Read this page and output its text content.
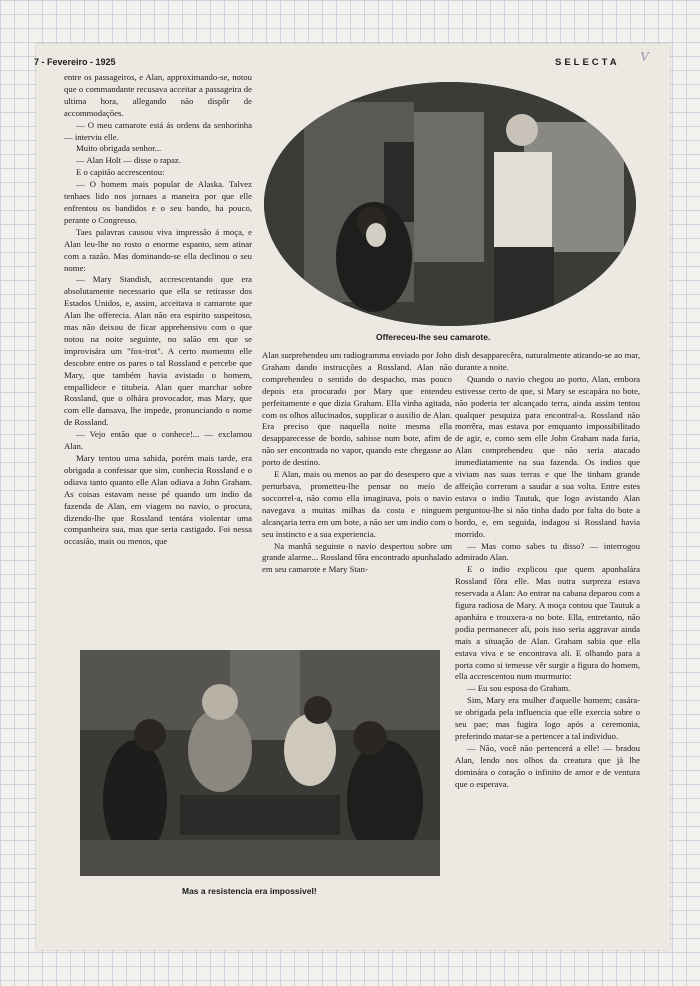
7 - Fevereiro - 1925	SELECTA V

entre os passageiros, e Alan, approximando-se, notou que o commandante recusava acceitar a passageira de ultima hora, allegando não dispôr de accommodações.

— O meu camarote está ás ordens da senhorinha — interviu elle.

Muito obrigada senhor...

— Alan Holt — disse o rapaz.

E o capitão accrescentou:

— O homem mais popular de Alaska. Talvez tenhaes lido nos jornaes a maneira por que elle enfrentou os bandidos e o seu bando, ha pouco, perante o Congresso.

Taes palavras causou viva impressão á moça, e Alan leu-lhe no rosto o enorme espanto, sem atinar com a razão. Mas dominando-se ella declinou o seu nome:

— Mary Standish, accrescentando que era absolutamente necessario que ella se retirasse dos Estados Unidos, e, assim, acceitava o camarote que Alan lhe offerecia. Alan não era espirito suspeitoso, mas não deixou de ficar apprehensivo com o que notou na noite seguinte, no salão em que se improvisára um "fox-trot". A certo momento elle descobre entre os pares o tal Rossland e percebe que Mary, que também havia avistado o homem, empallidece e titubeia. Alan quer marchar sobre Rossland, que o olhára provocador, mas Mary, que com elle dansava, lhe impede, pronunciando o nome de Rossland.

— Vejo então que o conhece!... — exclamou Alan.

Mary tentou uma sahida, porém mais tarde, era obrigada a confessar que sim, conhecia Rossland e o odiava tanto quanto elle Alan odiava a John Graham. As coisas estavam nesse pé quando um indio da fazenda de Alan, em viagem no navio, o procura, dizendo-lhe que Rossland tentára violentar uma companheira sua, mas que seria castigado. Foi nessa occasião, mais ou menos, que

Offereceu-lhe seu camarote.

Alan surprehendeu um radiogramma enviado por John Graham dando instrucções a Rossland. Alan não comprehendeu o sentido do despacho, mas pouco depois era procurado por Mary que entendeu perfeitamente e que dizia Graham. Ella vinha agitada, com os olhos allucinados, supplicar o auxilio de Alan. Era preciso que naquella noite mesma ella desapparecesse de bordo, sahisse num bote, afim de não ser encontrada no vapor, quando este chegasse ao porto de destino.

E Alan, mais ou menos ao par do desespero que a perturbava, prometteu-lhe pensar no meio de soccorrel-a, não como ella imaginava, pois o navio navegava a muitas milhas da costa e ninguem alcançaria terra em um bote, a não ser um indio com o seu instincto e a sua experiencia.

Na manhã seguinte o navio despertou sobre um grande alarme... Rossland fôra encontrado apunhalado em seu camarote e Mary Stan-

dish desapparecêra, naturalmente atirando-se ao mar, durante a noite.

Quando o navio chegou ao porto, Alan, embora estivesse certo de que, si Mary se escapára no bote, não poderia ter alcançado terra, ainda assim tentou qualquer pesquiza para encontral-a. Rossland não morrêra, mas estava por emquanto impossibilitado de agir, e, como sem elle John Graham nada faria, Alan comprehendeu que não seria atacado immediatamente na sua fazenda. Os indios que viviam nas suas terras e que lhe tinham grande affeição correram a saudar a sua volta. Entre estes estava o indio Tautuk, que logo avistando Alan perguntou-lhe si não tinha dado por falta do bote a bordo, e, em seguida, indagou si Rossland havia morrido.

— Mas como sabes tu disso? — interrogou admirado Alan.

E o indio explicou que quem apunhalára Rossland fôra elle. Mas outra surpreza estava reservada a Alan: Ao entrar na cabana deparou com a figura radiosa de Mary. A moça contou que Tautuk a apanhára e trouxera-a no bote. Ella, entretanto, não podia permanecer ali, pois isso seria aggravar ainda mais a situação de Alan. Graham sabia que ella estava viva e se encontrava ali. E olhando para a porta como si temesse vêr surgir a figura do homem, ella accrescentou num murmurio:

— Eu sou esposa do Graham.

Sim, Mary era mulher d'aquelle homem; casára-se obrigada pela influencia que elle exercia sobre o seu pae; mas fugira logo após a ceremonia, preferindo matar-se a pertencer a tal individuo.

— Não, você não pertencerá a elle! — bradou Alan, lendo nos olhos da creatura que já lhe dominára o coração o infinito de amor e de ventura que o esperava.

Mas a resistencia era impossivel!
